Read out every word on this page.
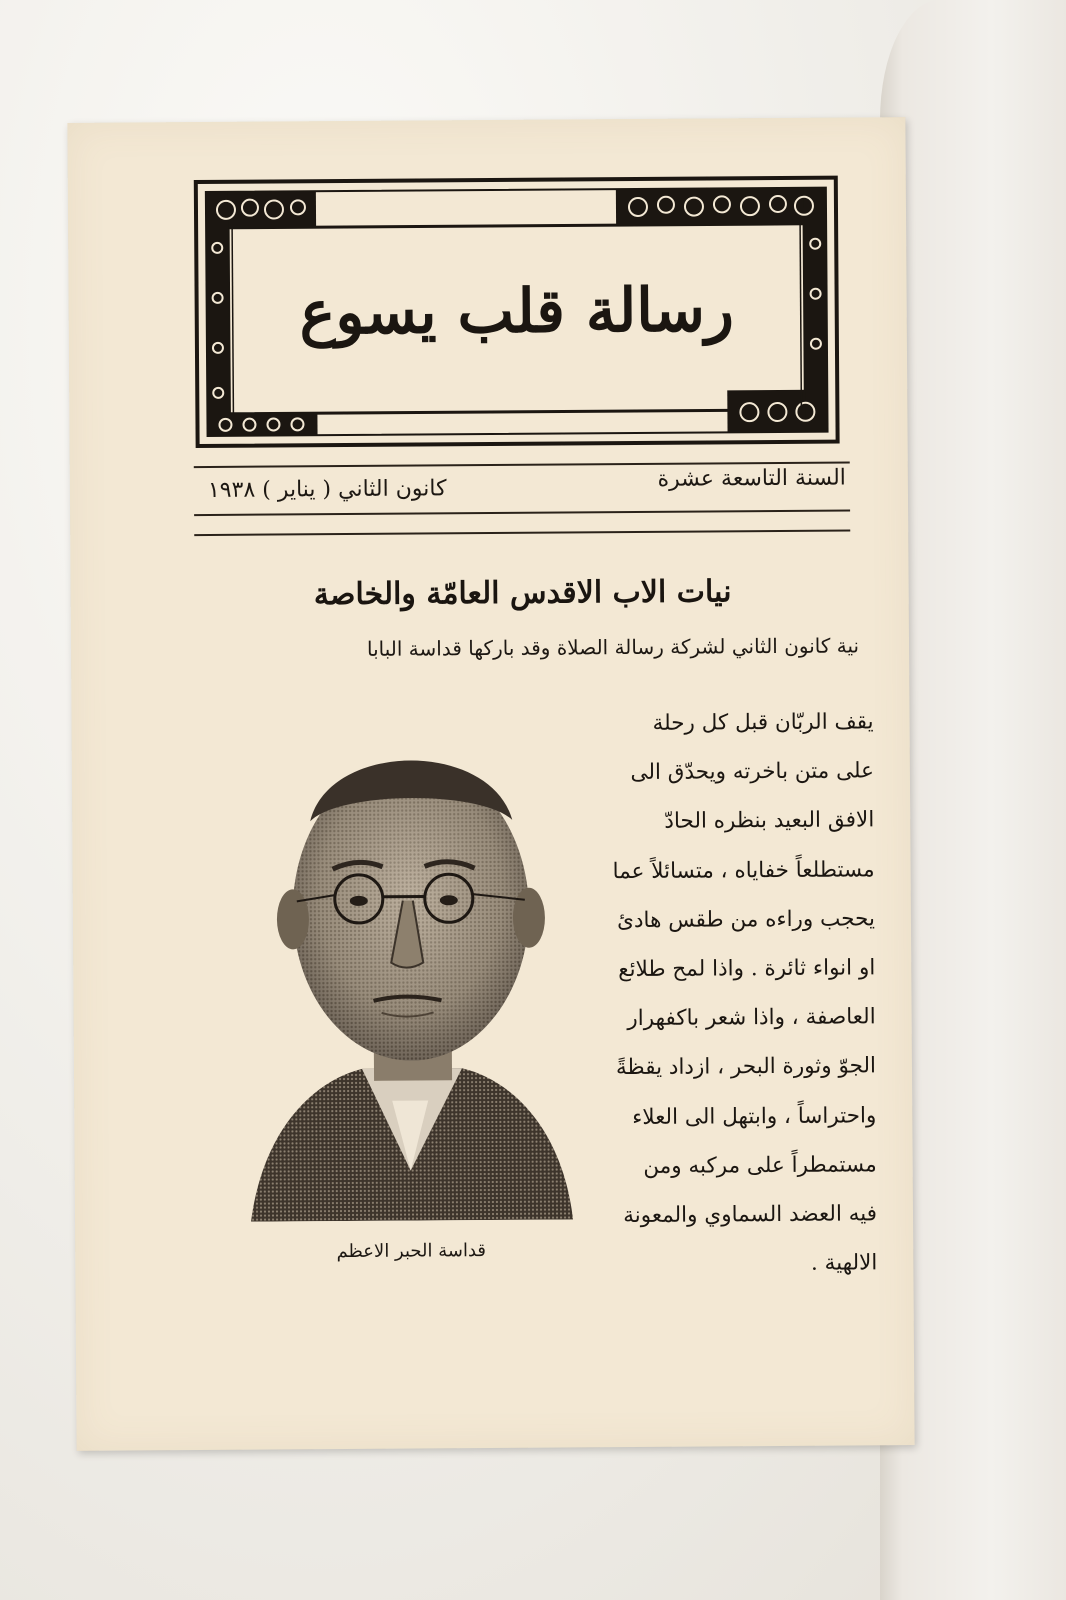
رسالة قلب يسوع
السنة التاسعة عشرة
كانون الثاني ( يناير ) ١٩٣٨
نيات الاب الاقدس العامّة والخاصة
نية كانون الثاني لشركة رسالة الصلاة وقد باركها قداسة البابا
قداسة الحبر الاعظم
يقف الربّان قبل كل رحلة
على متن باخرته ويحدّق الى
الافق البعيد بنظره الحادّ
مستطلعاً خفاياه ، متسائلاً عما
يحجب وراءه من طقس هادئ
او انواء ثائرة . واذا لمح طلائع
العاصفة ، واذا شعر باكفهرار
الجوّ وثورة البحر ، ازداد يقظةً
واحتراساً ، وابتهل الى العلاء
مستمطراً على مركبه ومن
فيه العضد السماوي والمعونة
الالهية .
